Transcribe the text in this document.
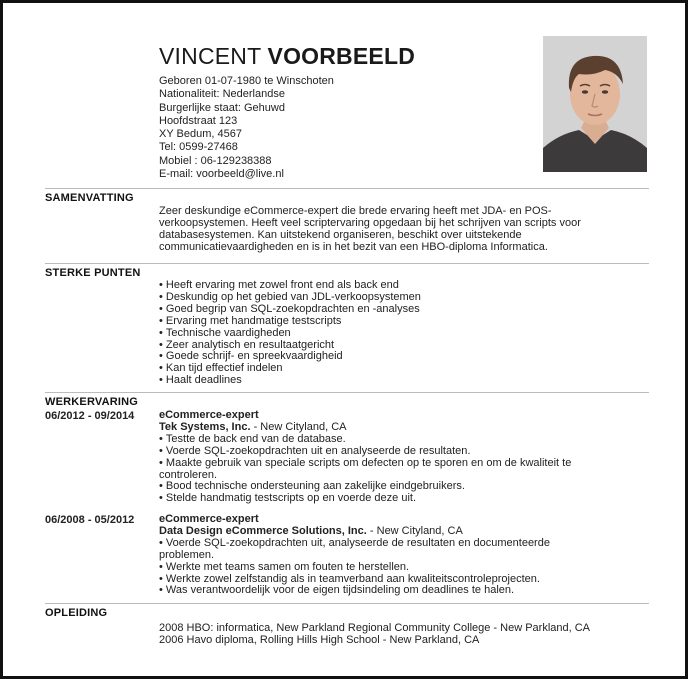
VINCENT VOORBEELD
Geboren 01-07-1980 te Winschoten
Nationaliteit: Nederlandse
Burgerlijke staat: Gehuwd
Hoofdstraat 123
XY Bedum, 4567
Tel: 0599-27468
Mobiel : 06-129238388
E-mail: voorbeeld@live.nl
SAMENVATTING
Zeer deskundige eCommerce-expert die brede ervaring heeft met JDA- en POS-
verkoopsystemen. Heeft veel scriptervaring opgedaan bij het schrijven van scripts voor
databasesystemen. Kan uitstekend organiseren, beschikt over uitstekende
communicatievaardigheden en is in het bezit van een HBO-diploma Informatica.
STERKE PUNTEN
• Heeft ervaring met zowel front end als back end
• Deskundig op het gebied van JDL-verkoopsystemen
• Goed begrip van SQL-zoekopdrachten en -analyses
• Ervaring met handmatige testscripts
• Technische vaardigheden
• Zeer analytisch en resultaatgericht
• Goede schrijf- en spreekvaardigheid
• Kan tijd effectief indelen
• Haalt deadlines
WERKERVARING
06/2012 - 09/2014 eCommerce-expert
Tek Systems, Inc. - New Cityland, CA
• Testte de back end van de database.
• Voerde SQL-zoekopdrachten uit en analyseerde de resultaten.
• Maakte gebruik van speciale scripts om defecten op te sporen en om de kwaliteit te
controleren.
• Bood technische ondersteuning aan zakelijke eindgebruikers.
• Stelde handmatig testscripts op en voerde deze uit.
06/2008 - 05/2012 eCommerce-expert
Data Design eCommerce Solutions, Inc. - New Cityland, CA
• Voerde SQL-zoekopdrachten uit, analyseerde de resultaten en documenteerde
problemen.
• Werkte met teams samen om fouten te herstellen.
• Werkte zowel zelfstandig als in teamverband aan kwaliteitscontroleprojecten.
• Was verantwoordelijk voor de eigen tijdsindeling om deadlines te halen.
OPLEIDING
2008 HBO: informatica, New Parkland Regional Community College - New Parkland, CA
2006 Havo diploma, Rolling Hills High School - New Parkland, CA
